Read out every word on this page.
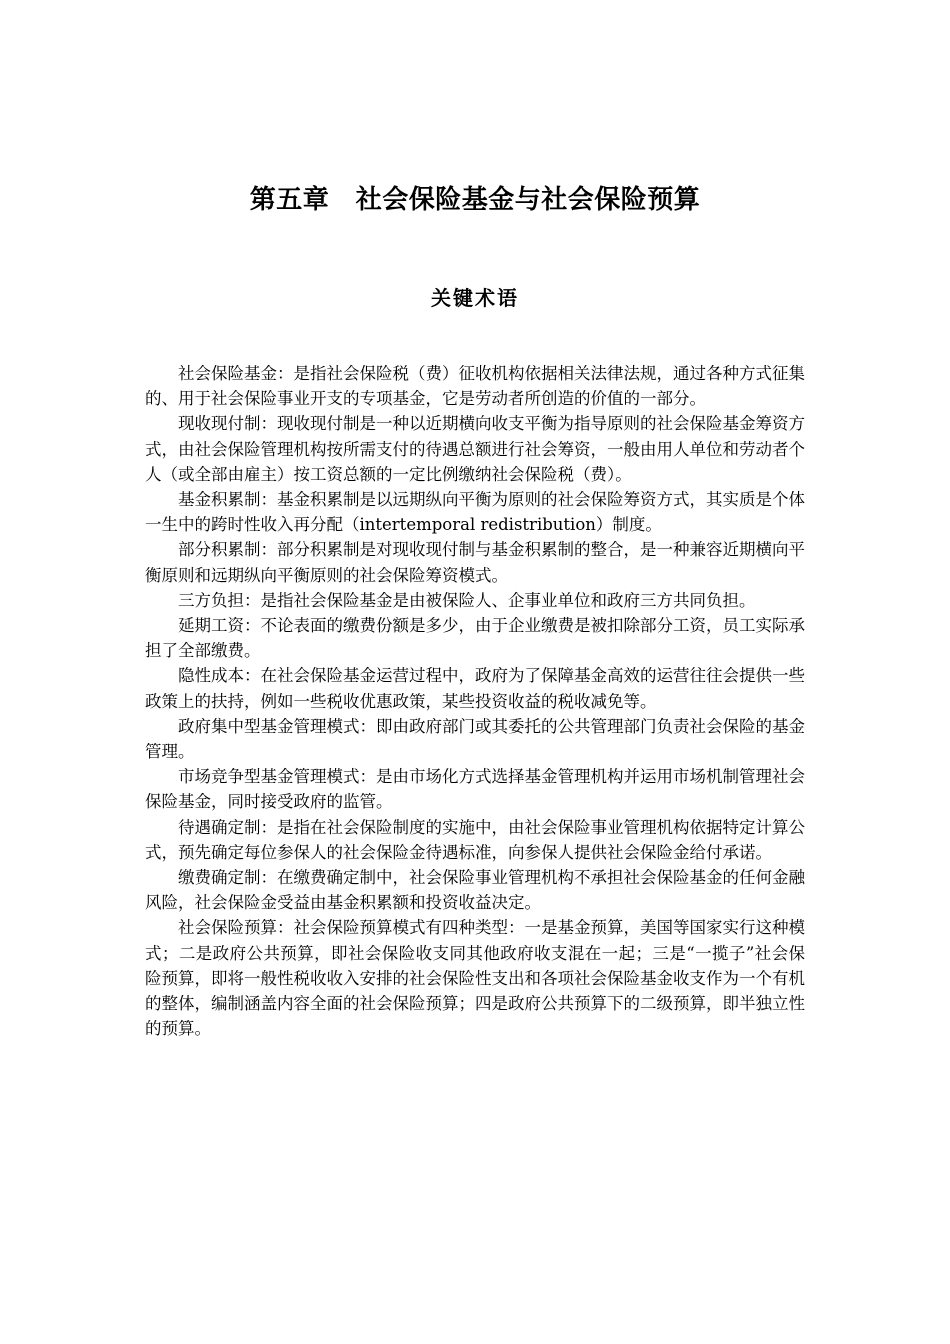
第五章　社会保险基金与社会保险预算
关键术语

社会保险基金：是指社会保险税（费）征收机构依据相关法律法规，通过各种方式征集的、用于社会保险事业开支的专项基金，它是劳动者所创造的价值的一部分。

现收现付制：现收现付制是一种以近期横向收支平衡为指导原则的社会保险基金筹资方式，由社会保险管理机构按所需支付的待遇总额进行社会筹资，一般由用人单位和劳动者个人（或全部由雇主）按工资总额的一定比例缴纳社会保险税（费）。

基金积累制：基金积累制是以远期纵向平衡为原则的社会保险筹资方式，其实质是个体一生中的跨时性收入再分配（intertemporal redistribution）制度。

部分积累制：部分积累制是对现收现付制与基金积累制的整合，是一种兼容近期横向平衡原则和远期纵向平衡原则的社会保险筹资模式。

三方负担：是指社会保险基金是由被保险人、企事业单位和政府三方共同负担。

延期工资：不论表面的缴费份额是多少，由于企业缴费是被扣除部分工资，员工实际承担了全部缴费。

隐性成本：在社会保险基金运营过程中，政府为了保障基金高效的运营往往会提供一些政策上的扶持，例如一些税收优惠政策，某些投资收益的税收减免等。

政府集中型基金管理模式：即由政府部门或其委托的公共管理部门负责社会保险的基金管理。

市场竞争型基金管理模式：是由市场化方式选择基金管理机构并运用市场机制管理社会保险基金，同时接受政府的监管。

待遇确定制：是指在社会保险制度的实施中，由社会保险事业管理机构依据特定计算公式，预先确定每位参保人的社会保险金待遇标准，向参保人提供社会保险金给付承诺。

缴费确定制：在缴费确定制中，社会保险事业管理机构不承担社会保险基金的任何金融风险，社会保险金受益由基金积累额和投资收益决定。

社会保险预算：社会保险预算模式有四种类型：一是基金预算，美国等国家实行这种模式；二是政府公共预算，即社会保险收支同其他政府收支混在一起；三是“一揽子”社会保险预算，即将一般性税收收入安排的社会保险性支出和各项社会保险基金收支作为一个有机的整体，编制涵盖内容全面的社会保险预算；四是政府公共预算下的二级预算，即半独立性的预算。
